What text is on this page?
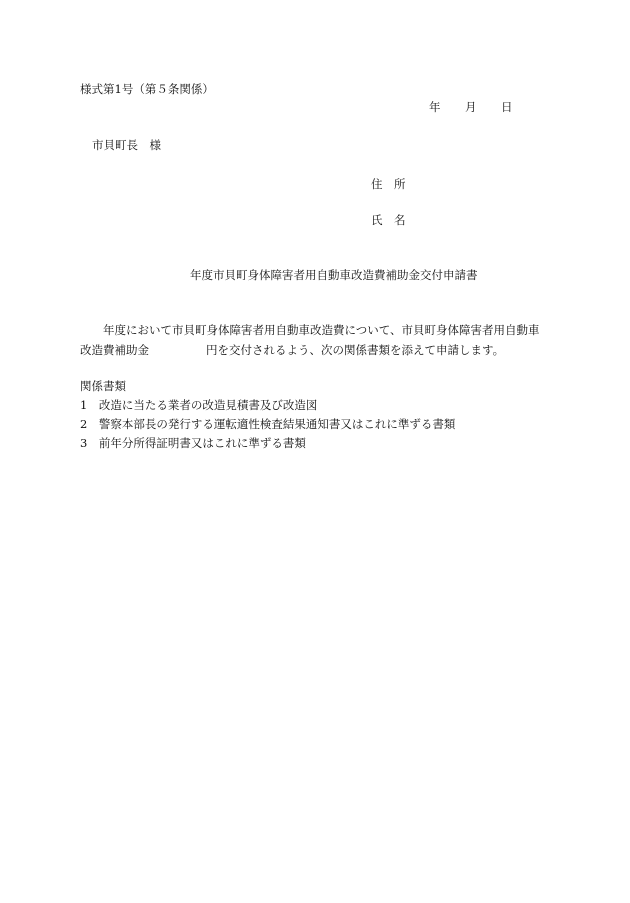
様式第1号（第５条関係）

年 月 日

市貝町長　様

住　所

氏　名

年度市貝町身体障害者用自動車改造費補助金交付申請書

年度において市貝町身体障害者用自動車改造費について、市貝町身体障害者用自動車

改造費補助金	円を交付されるよう、次の関係書類を添えて申請します。

関係書類

1　改造に当たる業者の改造見積書及び改造図

2　警察本部長の発行する運転適性検査結果通知書又はこれに準ずる書類

3　前年分所得証明書又はこれに準ずる書類
